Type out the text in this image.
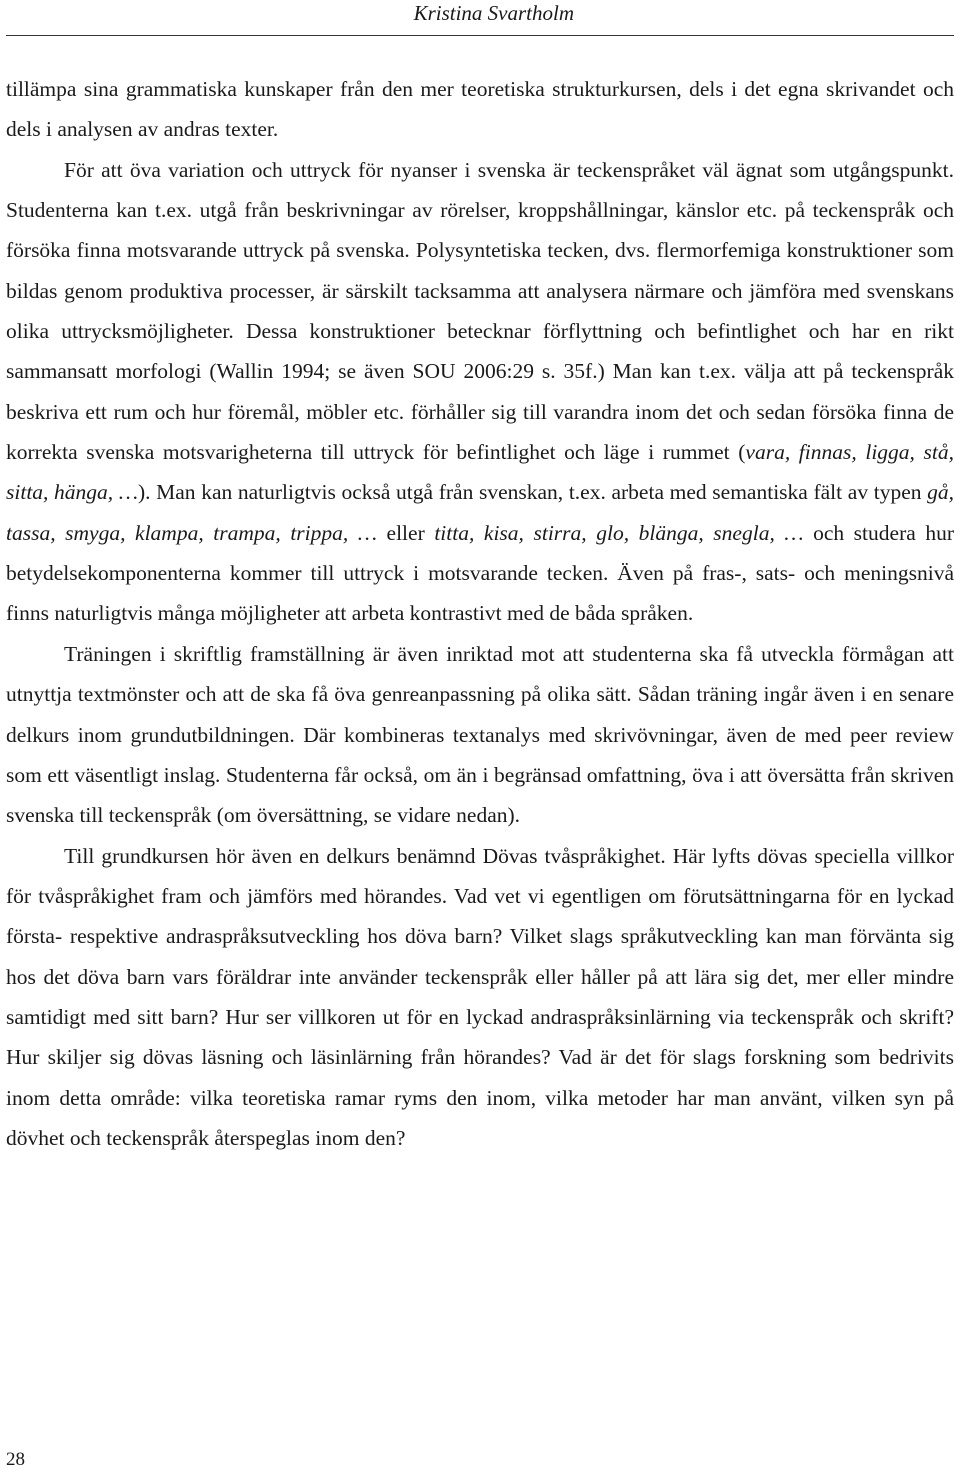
Kristina Svartholm

tillämpa sina grammatiska kunskaper från den mer teoretiska strukturkursen, dels i det egna skrivandet och dels i analysen av andras texter.

För att öva variation och uttryck för nyanser i svenska är teckenspråket väl ägnat som utgångspunkt. Studenterna kan t.ex. utgå från beskrivningar av rörelser, kroppshållningar, känslor etc. på teckenspråk och försöka finna motsvarande uttryck på svenska. Polysyntetiska tecken, dvs. flermorfemiga konstruktioner som bildas genom produktiva processer, är särskilt tacksamma att analysera närmare och jämföra med svenskans olika uttrycksmöjligheter. Dessa konstruktioner betecknar förflyttning och befintlighet och har en rikt sammansatt morfologi (Wallin 1994; se även SOU 2006:29 s. 35f.) Man kan t.ex. välja att på teckenspråk beskriva ett rum och hur föremål, möbler etc. förhåller sig till varandra inom det och sedan försöka finna de korrekta svenska motsvarigheterna till uttryck för befintlighet och läge i rummet (vara, finnas, ligga, stå, sitta, hänga, …). Man kan naturligtvis också utgå från svenskan, t.ex. arbeta med semantiska fält av typen gå, tassa, smyga, klampa, trampa, trippa, … eller titta, kisa, stirra, glo, blänga, snegla, … och studera hur betydelsekomponenterna kommer till uttryck i motsvarande tecken. Även på fras-, sats- och meningsnivå finns naturligtvis många möjligheter att arbeta kontrastivt med de båda språken.

Träningen i skriftlig framställning är även inriktad mot att studenterna ska få utveckla förmågan att utnyttja textmönster och att de ska få öva genreanpassning på olika sätt. Sådan träning ingår även i en senare delkurs inom grundutbildningen. Där kombineras textanalys med skrivövningar, även de med peer review som ett väsentligt inslag. Studenterna får också, om än i begränsad omfattning, öva i att översätta från skriven svenska till teckenspråk (om översättning, se vidare nedan).

Till grundkursen hör även en delkurs benämnd Dövas tvåspråkighet. Här lyfts dövas speciella villkor för tvåspråkighet fram och jämförs med hörandes. Vad vet vi egentligen om förutsättningarna för en lyckad första- respektive andraspråksutveckling hos döva barn? Vilket slags språkutveckling kan man förvänta sig hos det döva barn vars föräldrar inte använder teckenspråk eller håller på att lära sig det, mer eller mindre samtidigt med sitt barn? Hur ser villkoren ut för en lyckad andraspråksinlärning via teckenspråk och skrift? Hur skiljer sig dövas läsning och läsinlärning från hörandes? Vad är det för slags forskning som bedrivits inom detta område: vilka teoretiska ramar ryms den inom, vilka metoder har man använt, vilken syn på dövhet och teckenspråk återspeglas inom den?

28
